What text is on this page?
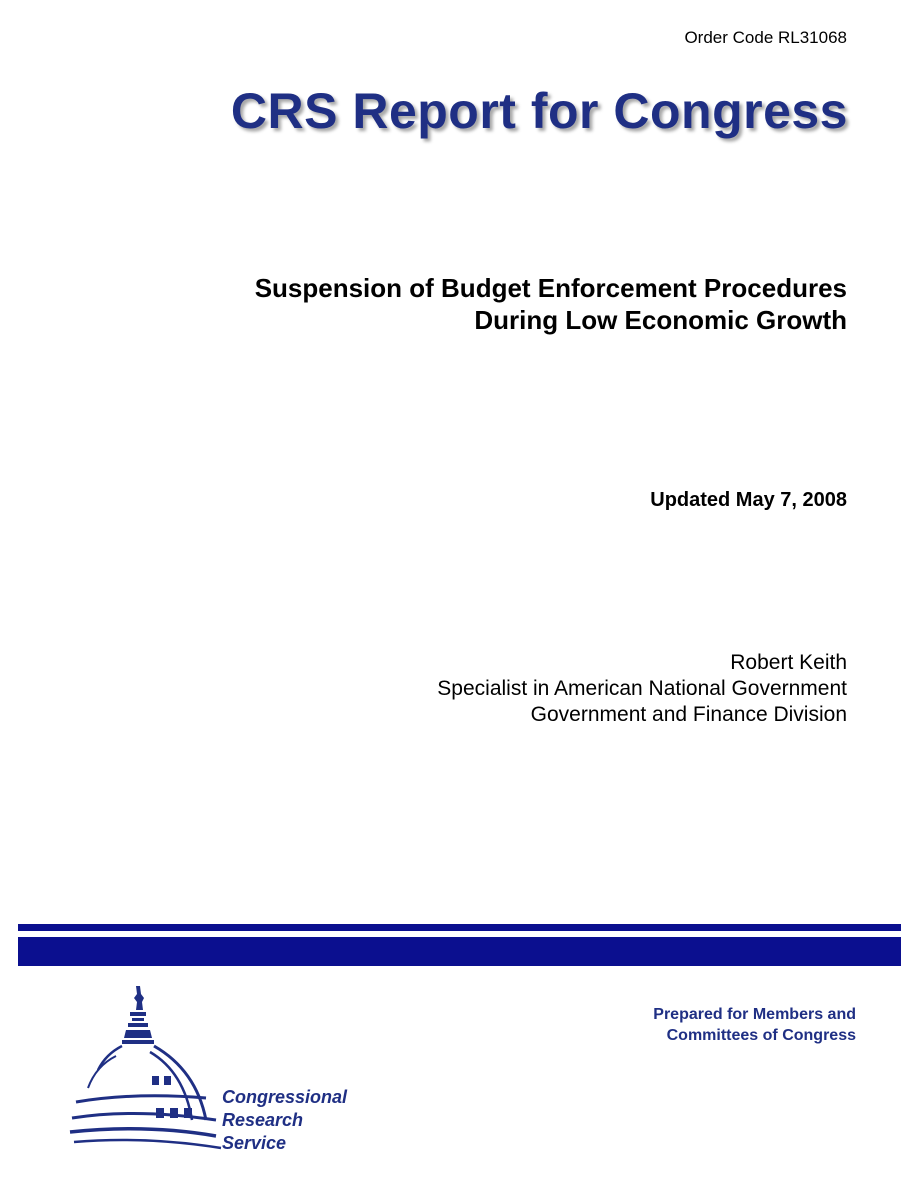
Order Code RL31068
CRS Report for Congress
Suspension of Budget Enforcement Procedures
During Low Economic Growth
Updated May 7, 2008
Robert Keith
Specialist in American National Government
Government and Finance Division
Prepared for Members and
Committees of Congress
Congressional
Research
Service
